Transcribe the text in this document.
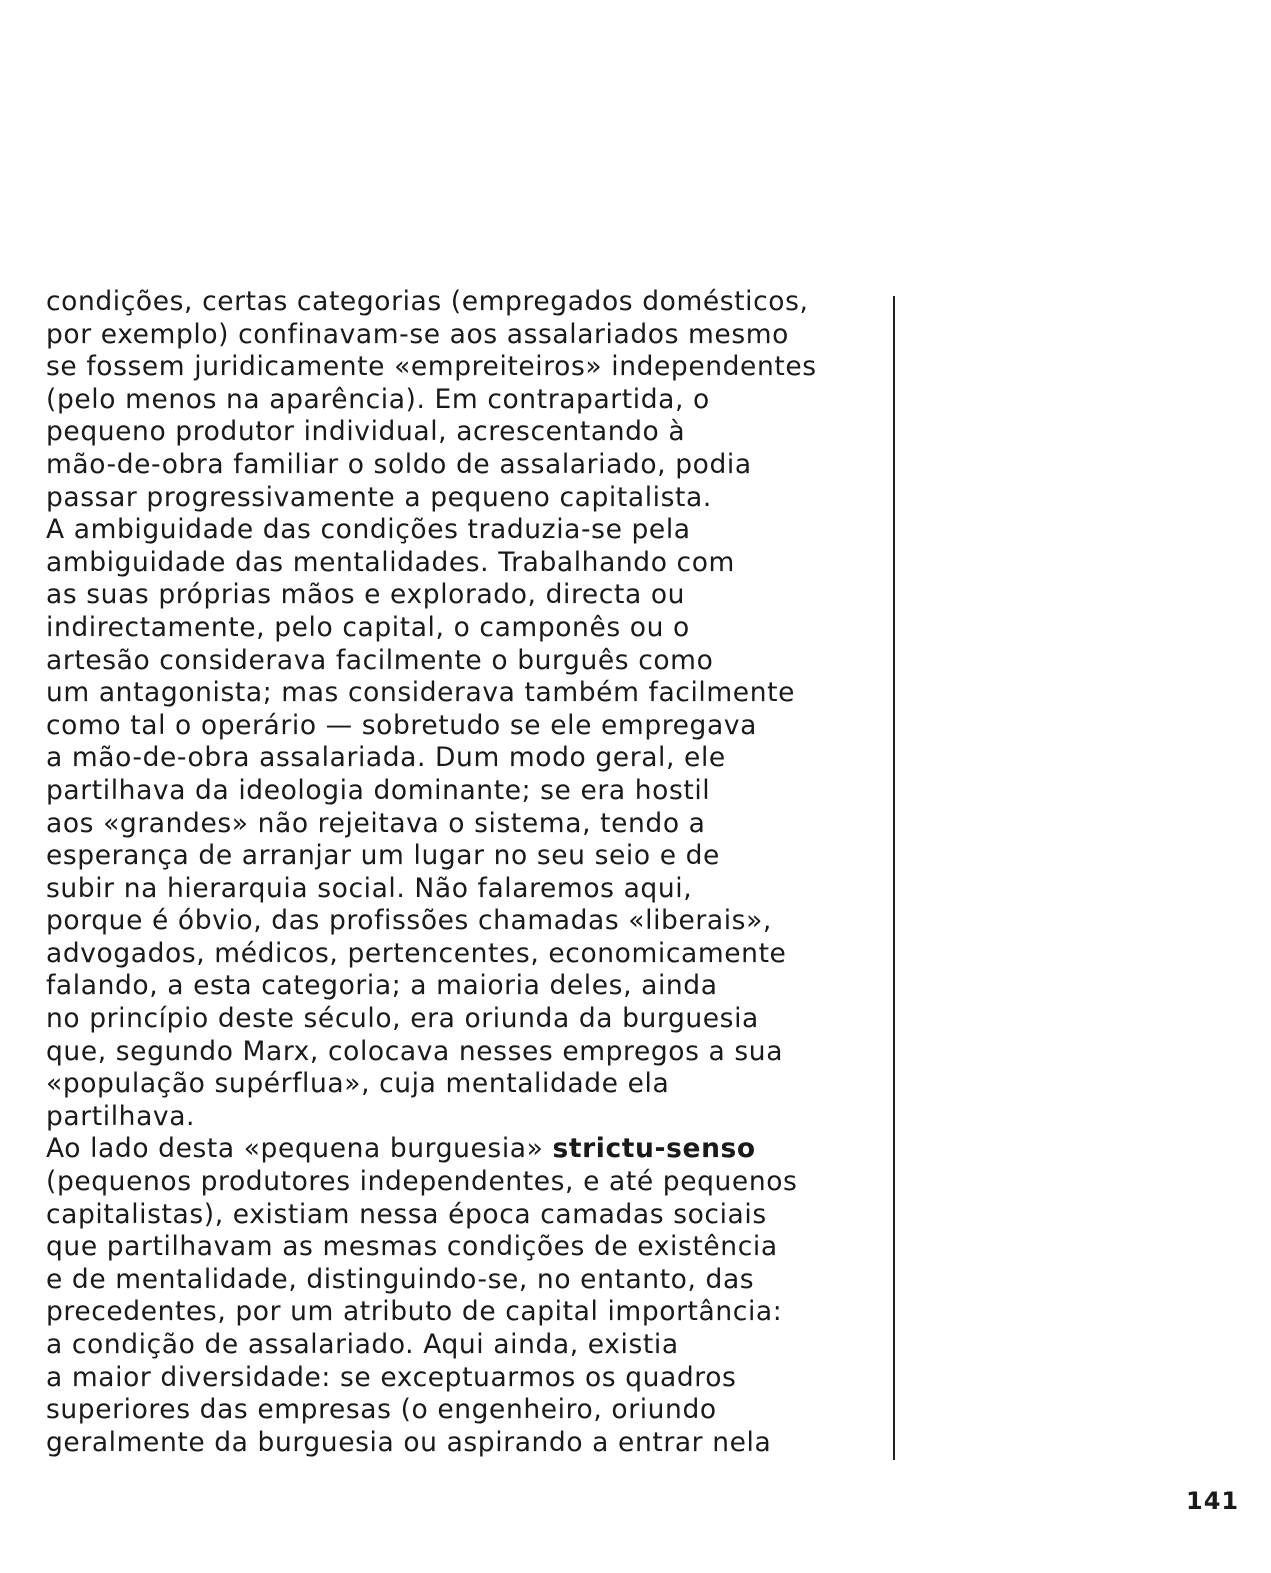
condições, certas categorias (empregados domésticos,
por exemplo) confinavam-se aos assalariados mesmo
se fossem juridicamente «empreiteiros» independentes
(pelo menos na aparência). Em contrapartida, o
pequeno produtor individual, acrescentando à
mão-de-obra familiar o soldo de assalariado, podia
passar progressivamente a pequeno capitalista.
A ambiguidade das condições traduzia-se pela
ambiguidade das mentalidades. Trabalhando com
as suas próprias mãos e explorado, directa ou
indirectamente, pelo capital, o camponês ou o
artesão considerava facilmente o burguês como
um antagonista; mas considerava também facilmente
como tal o operário — sobretudo se ele empregava
a mão-de-obra assalariada. Dum modo geral, ele
partilhava da ideologia dominante; se era hostil
aos «grandes» não rejeitava o sistema, tendo a
esperança de arranjar um lugar no seu seio e de
subir na hierarquia social. Não falaremos aqui,
porque é óbvio, das profissões chamadas «liberais»,
advogados, médicos, pertencentes, economicamente
falando, a esta categoria; a maioria deles, ainda
no princípio deste século, era oriunda da burguesia
que, segundo Marx, colocava nesses empregos a sua
«população supérflua», cuja mentalidade ela
partilhava.
Ao lado desta «pequena burguesia» strictu-senso
(pequenos produtores independentes, e até pequenos
capitalistas), existiam nessa época camadas sociais
que partilhavam as mesmas condições de existência
e de mentalidade, distinguindo-se, no entanto, das
precedentes, por um atributo de capital importância:
a condição de assalariado. Aqui ainda, existia
a maior diversidade: se exceptuarmos os quadros
superiores das empresas (o engenheiro, oriundo
geralmente da burguesia ou aspirando a entrar nela
141
